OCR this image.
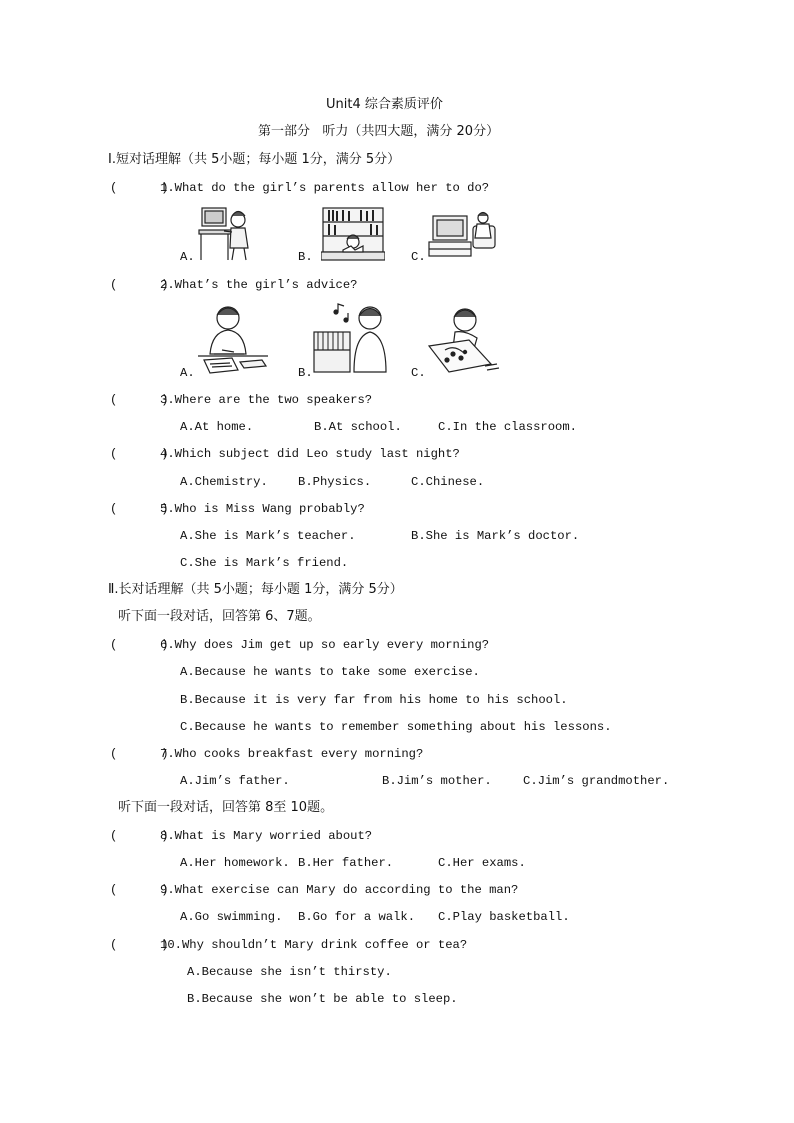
Unit4 综合素质评价
第一部分   听力（共四大题，满分 20分）
Ⅰ.短对话理解（共 5小题；每小题 1分，满分 5分）
(      )
1.What do the girl’s parents allow her to do?
A.	B.	C.
(      )
2.What’s the girl’s advice?
A.	B.	C.
(      )
3.Where are the two speakers?
A.At home.	B.At school.	C.In the classroom.
(      )
4.Which subject did Leo study last night?
A.Chemistry. B.Physics.	C.Chinese.
(      )
5.Who is Miss Wang probably?
A.She is Mark’s teacher.	B.She is Mark’s doctor.
C.She is Mark’s friend.
Ⅱ.长对话理解（共 5小题；每小题 1分，满分 5分）
听下面一段对话，回答第 6、7题。
(      )
6.Why does Jim get up so early every morning?
A.Because he wants to take some exercise.
B.Because it is very far from his home to his school.
C.Because he wants to remember something about his lessons.
(      )
7.Who cooks breakfast every morning?
A.Jim’s father.	B.Jim’s mother.	C.Jim’s grandmother.
听下面一段对话，回答第 8至 10题。
(      )
8.What is Mary worried about?
A.Her homework. B.Her father.	C.Her exams.
(      )
9.What exercise can Mary do according to the man?
A.Go swimming. B.Go for a walk. C.Play basketball.
(      )
10.Why shouldn’t Mary drink coffee or tea?
A.Because she isn’t thirsty.
B.Because she won’t be able to sleep.
